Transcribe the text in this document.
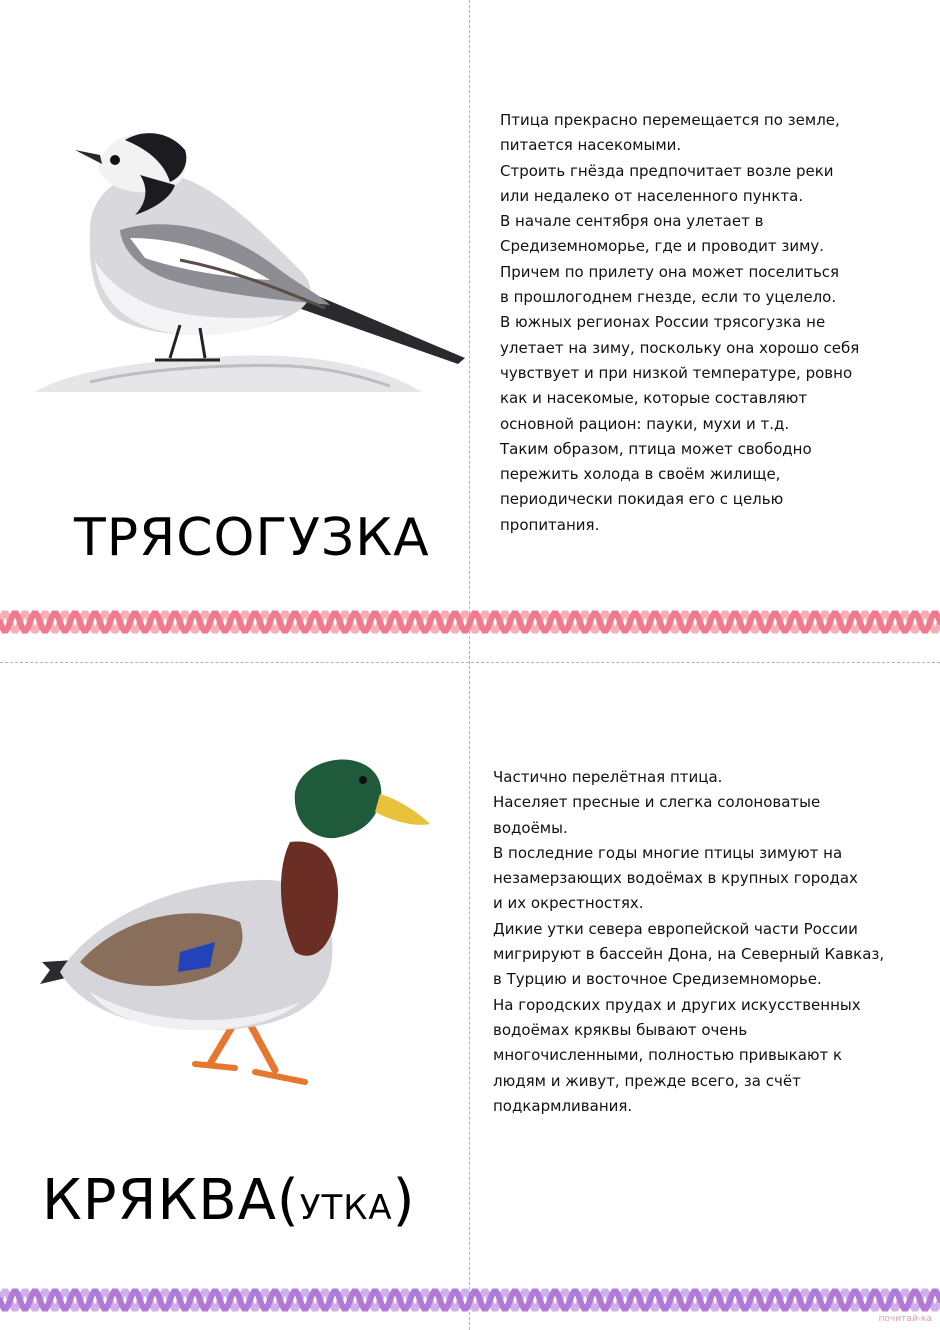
ТРЯСОГУЗКА

Птица прекрасно перемещается по земле,

питается насекомыми.

Строить гнёзда предпочитает возле реки

или недалеко от населенного пункта.

В начале сентября она улетает в

Средиземноморье, где и проводит зиму.

Причем по прилету она может поселиться

в прошлогоднем гнезде, если то уцелело.

В южных регионах России трясогузка не

улетает на зиму, поскольку она хорошо себя

чувствует и при низкой температуре, ровно

как и насекомые, которые составляют

основной рацион: пауки, мухи и т.д.

Таким образом, птица может свободно

пережить холода в своём жилище,

периодически покидая его с целью

пропитания.

КРЯКВА(УТКА)

Частично перелётная птица.

Населяет пресные и слегка солоноватые

водоёмы.

В последние годы многие птицы зимуют на

незамерзающих водоёмах в крупных городах

и их окрестностях.

Дикие утки севера европейской части России

мигрируют в бассейн Дона, на Северный Кавказ,

в Турцию и восточное Средиземноморье.

На городских прудах и других искусственных

водоёмах кряквы бывают очень

многочисленными, полностью привыкают к

людям и живут, прежде всего, за счёт

подкармливания.

почитай-ка
